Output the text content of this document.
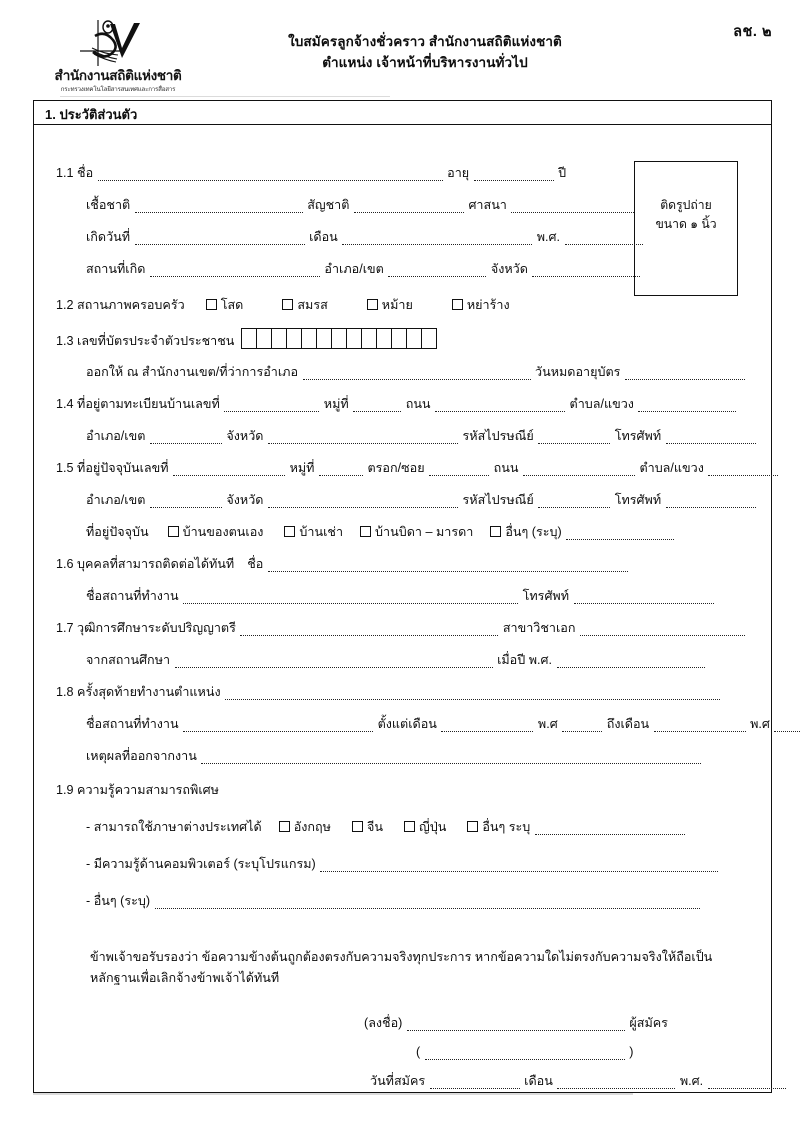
ลช. ๒
สำนักงานสถิติแห่งชาติ
กระทรวงเทคโนโลยีสารสนเทศและการสื่อสาร
ใบสมัครลูกจ้างชั่วคราว สำนักงานสถิติแห่งชาติ
ตำแหน่ง เจ้าหน้าที่บริหารงานทั่วไป
1. ประวัติส่วนตัว
ติดรูปถ่าย
ขนาด ๑ นิ้ว
1.1 ชื่อ	อายุ	ปี
เชื้อชาติ	สัญชาติ	ศาสนา
เกิดวันที่	เดือน	พ.ศ.
สถานที่เกิด	อำเภอ/เขต	จังหวัด
1.2 สถานภาพครอบครัว	โสด	สมรส	หม้าย	หย่าร้าง
1.3 เลขที่บัตรประจำตัวประชาชน
ออกให้ ณ สำนักงานเขต/ที่ว่าการอำเภอ	วันหมดอายุบัตร
1.4 ที่อยู่ตามทะเบียนบ้านเลขที่	หมู่ที่	ถนน	ตำบล/แขวง
อำเภอ/เขต	จังหวัด	รหัสไปรษณีย์	โทรศัพท์
1.5 ที่อยู่ปัจจุบันเลขที่	หมู่ที่	ตรอก/ซอย	ถนน	ตำบล/แขวง
อำเภอ/เขต	จังหวัด	รหัสไปรษณีย์	โทรศัพท์
ที่อยู่ปัจจุบัน	บ้านของตนเอง	บ้านเช่า	บ้านบิดา – มารดา	อื่นๆ (ระบุ)
1.6 บุคคลที่สามารถติดต่อได้ทันที ชื่อ
ชื่อสถานที่ทำงาน	โทรศัพท์
1.7 วุฒิการศึกษาระดับปริญญาตรี	สาขาวิชาเอก
จากสถานศึกษา	เมื่อปี พ.ศ.
1.8 ครั้งสุดท้ายทำงานตำแหน่ง
ชื่อสถานที่ทำงาน	ตั้งแต่เดือน	พ.ศ	ถึงเดือน	พ.ศ
เหตุผลที่ออกจากงาน
1.9 ความรู้ความสามารถพิเศษ
- สามารถใช้ภาษาต่างประเทศได้	อังกฤษ	จีน	ญี่ปุ่น	อื่นๆ ระบุ
- มีความรู้ด้านคอมพิวเตอร์ (ระบุโปรแกรม)
- อื่นๆ (ระบุ)
ข้าพเจ้าขอรับรองว่า ข้อความข้างต้นถูกต้องตรงกับความจริงทุกประการ หากข้อความใดไม่ตรงกับความจริงให้ถือเป็นหลักฐานเพื่อเลิกจ้างข้าพเจ้าได้ทันที
(ลงชื่อ)	ผู้สมัคร
(	)
วันที่สมัคร	เดือน	พ.ศ.
